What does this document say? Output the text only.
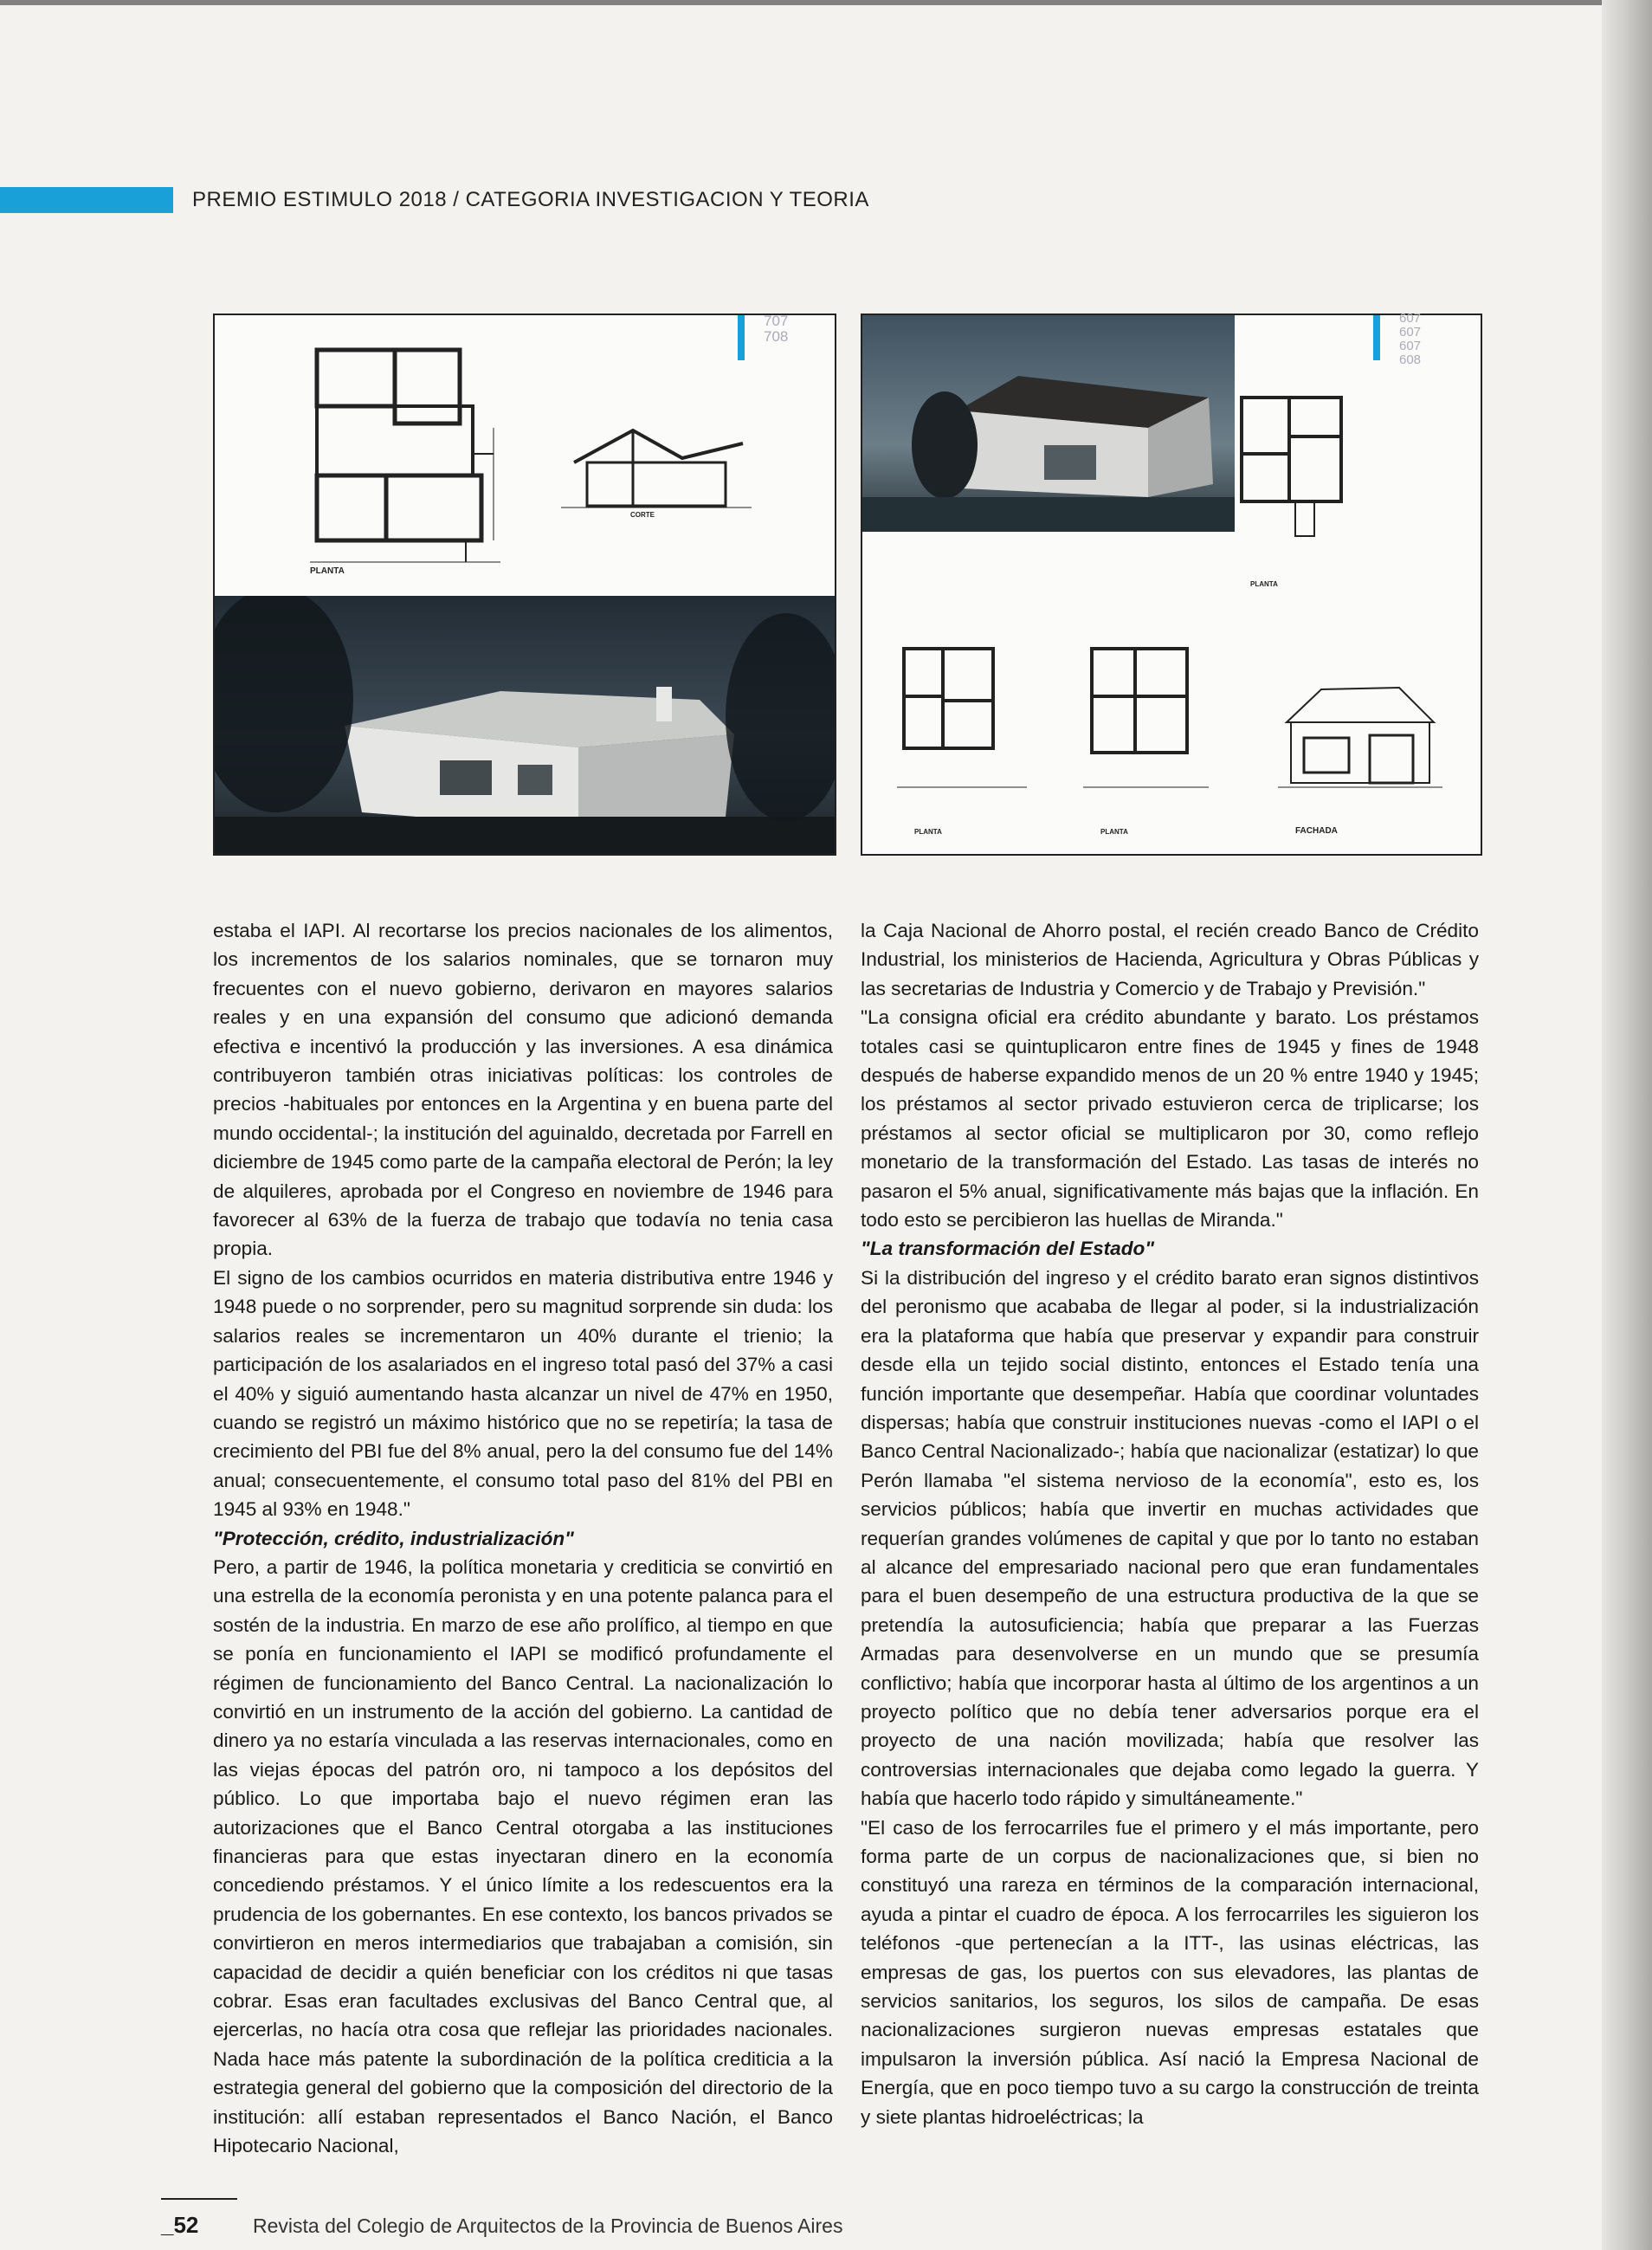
PREMIO ESTIMULO 2018 / CATEGORIA INVESTIGACION Y TEORIA
PLANTA
CORTE
707
708
607
607
607
608
PLANTA
PLANTA	PLANTA	FACHADA

estaba el IAPI. Al recortarse los precios nacionales de los alimentos, los incrementos de los salarios nominales, que se tornaron muy frecuentes con el nuevo gobierno, derivaron en mayores salarios reales y en una expansión del consumo que adicionó demanda efectiva e incentivó la producción y las inversiones. A esa dinámica contribuyeron también otras iniciativas políticas: los controles de precios -habituales por entonces en la Argentina y en buena parte del mundo occidental-; la institución del aguinaldo, decretada por Farrell en diciembre de 1945 como parte de la campaña electoral de Perón; la ley de alquileres, aprobada por el Congreso en noviembre de 1946 para favorecer al 63% de la fuerza de trabajo que todavía no tenia casa propia.

El signo de los cambios ocurridos en materia distributiva entre 1946 y 1948 puede o no sorprender, pero su magnitud sorprende sin duda: los salarios reales se incrementaron un 40% durante el trienio; la participación de los asalariados en el ingreso total pasó del 37% a casi el 40% y siguió aumentando hasta alcanzar un nivel de 47% en 1950, cuando se registró un máximo histórico que no se repetiría; la tasa de crecimiento del PBI fue del 8% anual, pero la del consumo fue del 14% anual; consecuentemente, el consumo total paso del 81% del PBI en 1945 al 93% en 1948."

"Protección, crédito, industrialización"

Pero, a partir de 1946, la política monetaria y crediticia se convirtió en una estrella de la economía peronista y en una potente palanca para el sostén de la industria. En marzo de ese año prolífico, al tiempo en que se ponía en funcionamiento el IAPI se modificó profundamente el régimen de funcionamiento del Banco Central. La nacionalización lo convirtió en un instrumento de la acción del gobierno. La cantidad de dinero ya no estaría vinculada a las reservas internacionales, como en las viejas épocas del patrón oro, ni tampoco a los depósitos del público. Lo que importaba bajo el nuevo régimen eran las autorizaciones que el Banco Central otorgaba a las instituciones financieras para que estas inyectaran dinero en la economía concediendo préstamos. Y el único límite a los redescuentos era la prudencia de los gobernantes. En ese contexto, los bancos privados se convirtieron en meros intermediarios que trabajaban a comisión, sin capacidad de decidir a quién beneficiar con los créditos ni que tasas cobrar. Esas eran facultades exclusivas del Banco Central que, al ejercerlas, no hacía otra cosa que reflejar las prioridades nacionales. Nada hace más patente la subordinación de la política crediticia a la estrategia general del gobierno que la composición del directorio de la institución: allí estaban representados el Banco Nación, el Banco Hipotecario Nacional,

la Caja Nacional de Ahorro postal, el recién creado Banco de Crédito Industrial, los ministerios de Hacienda, Agricultura y Obras Públicas y las secretarias de Industria y Comercio y de Trabajo y Previsión."

"La consigna oficial era crédito abundante y barato. Los préstamos totales casi se quintuplicaron entre fines de 1945 y fines de 1948 después de haberse expandido menos de un 20 % entre 1940 y 1945; los préstamos al sector privado estuvieron cerca de triplicarse; los préstamos al sector oficial se multiplicaron por 30, como reflejo monetario de la transformación del Estado. Las tasas de interés no pasaron el 5% anual, significativamente más bajas que la inflación. En todo esto se percibieron las huellas de Miranda."

"La transformación del Estado"

Si la distribución del ingreso y el crédito barato eran signos distintivos del peronismo que acababa de llegar al poder, si la industrialización era la plataforma que había que preservar y expandir para construir desde ella un tejido social distinto, entonces el Estado tenía una función importante que desempeñar. Había que coordinar voluntades dispersas; había que construir instituciones nuevas -como el IAPI o el Banco Central Nacionalizado-; había que nacionalizar (estatizar) lo que Perón llamaba "el sistema nervioso de la economía", esto es, los servicios públicos; había que invertir en muchas actividades que requerían grandes volúmenes de capital y que por lo tanto no estaban al alcance del empresariado nacional pero que eran fundamentales para el buen desempeño de una estructura productiva de la que se pretendía la autosuficiencia; había que preparar a las Fuerzas Armadas para desenvolverse en un mundo que se presumía conflictivo; había que incorporar hasta al último de los argentinos a un proyecto político que no debía tener adversarios porque era el proyecto de una nación movilizada; había que resolver las controversias internacionales que dejaba como legado la guerra. Y había que hacerlo todo rápido y simultáneamente."

"El caso de los ferrocarriles fue el primero y el más importante, pero forma parte de un corpus de nacionalizaciones que, si bien no constituyó una rareza en términos de la comparación internacional, ayuda a pintar el cuadro de época. A los ferrocarriles les siguieron los teléfonos -que pertenecían a la ITT-, las usinas eléctricas, las empresas de gas, los puertos con sus elevadores, las plantas de servicios sanitarios, los seguros, los silos de campaña. De esas nacionalizaciones surgieron nuevas empresas estatales que impulsaron la inversión pública. Así nació la Empresa Nacional de Energía, que en poco tiempo tuvo a su cargo la construcción de treinta y siete plantas hidroeléctricas; la

_52	Revista del Colegio de Arquitectos de la Provincia de Buenos Aires
